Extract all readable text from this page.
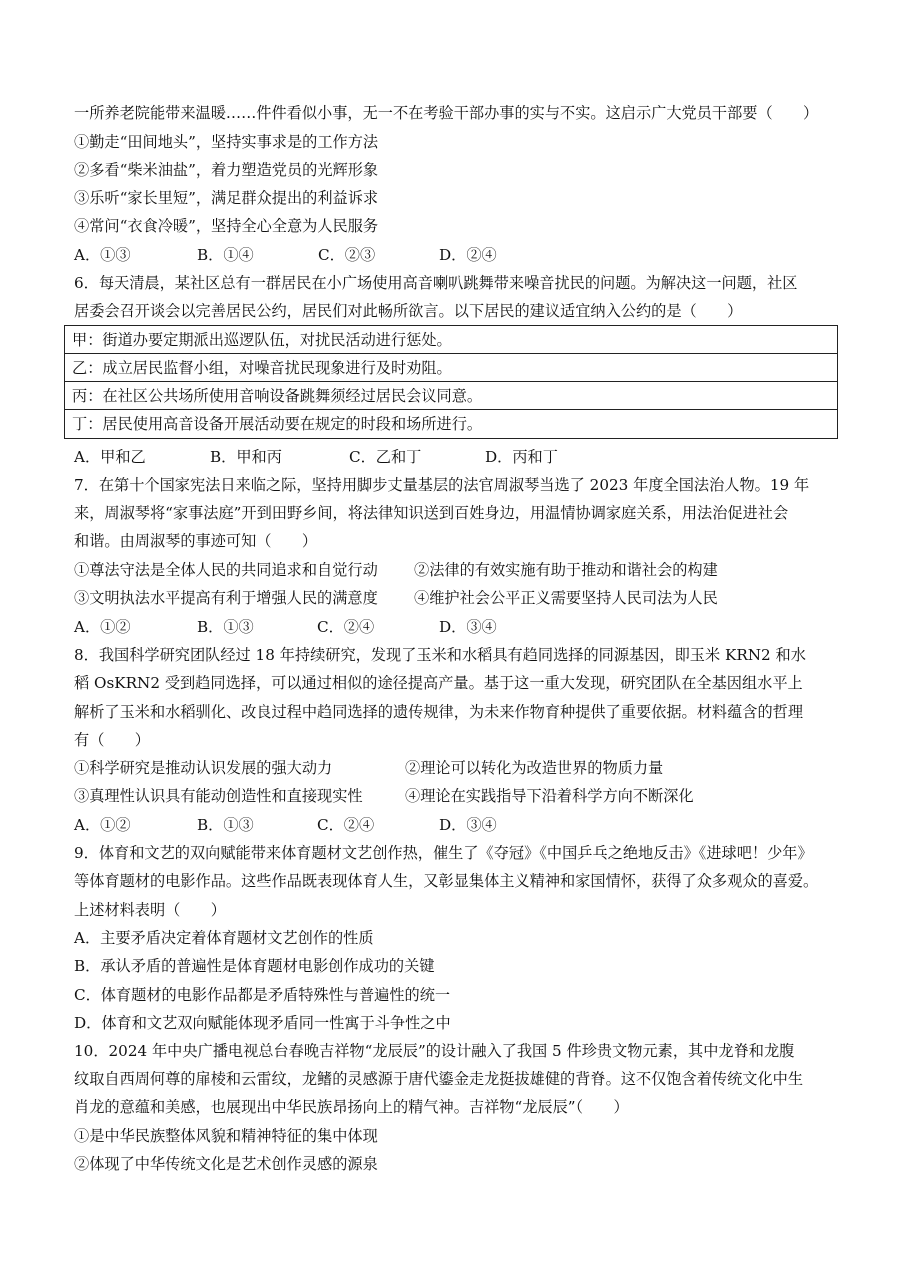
一所养老院能带来温暖……件件看似小事，无一不在考验干部办事的实与不实。这启示广大党员干部要（　　）
①勤走“田间地头”，坚持实事求是的工作方法
②多看“柴米油盐”，着力塑造党员的光辉形象
③乐听“家长里短”，满足群众提出的利益诉求
④常问“衣食冷暖”，坚持全心全意为人民服务
A．①③	B．①④	C．②③	D．②④
6．每天清晨，某社区总有一群居民在小广场使用高音喇叭跳舞带来噪音扰民的问题。为解决这一问题，社区
居委会召开谈会以完善居民公约，居民们对此畅所欲言。以下居民的建议适宜纳入公约的是（　　）
甲：街道办要定期派出巡逻队伍，对扰民活动进行惩处。
乙：成立居民监督小组，对噪音扰民现象进行及时劝阻。
丙：在社区公共场所使用音响设备跳舞须经过居民会议同意。
丁：居民使用高音设备开展活动要在规定的时段和场所进行。
A．甲和乙	B．甲和丙	C．乙和丁	D．丙和丁
7．在第十个国家宪法日来临之际，坚持用脚步丈量基层的法官周淑琴当选了 2023 年度全国法治人物。19 年
来，周淑琴将“家事法庭”开到田野乡间，将法律知识送到百姓身边，用温情协调家庭关系，用法治促进社会
和谐。由周淑琴的事迹可知（　　）
①尊法守法是全体人民的共同追求和自觉行动 ②法律的有效实施有助于推动和谐社会的构建
③文明执法水平提高有利于增强人民的满意度 ④维护社会公平正义需要坚持人民司法为人民
A．①②	B．①③	C．②④	D．③④
8．我国科学研究团队经过 18 年持续研究，发现了玉米和水稻具有趋同选择的同源基因，即玉米 KRN2 和水
稻 OsKRN2 受到趋同选择，可以通过相似的途径提高产量。基于这一重大发现，研究团队在全基因组水平上
解析了玉米和水稻驯化、改良过程中趋同选择的遗传规律，为未来作物育种提供了重要依据。材料蕴含的哲理
有（　　）
①科学研究是推动认识发展的强大动力	②理论可以转化为改造世界的物质力量
③真理性认识具有能动创造性和直接现实性	④理论在实践指导下沿着科学方向不断深化
A．①②	B．①③	C．②④	D．③④
9．体育和文艺的双向赋能带来体育题材文艺创作热，催生了《夺冠》《中国乒乓之绝地反击》《进球吧！少年》
等体育题材的电影作品。这些作品既表现体育人生，又彰显集体主义精神和家国情怀，获得了众多观众的喜爱。
上述材料表明（　　）
A．主要矛盾决定着体育题材文艺创作的性质
B．承认矛盾的普遍性是体育题材电影创作成功的关键
C．体育题材的电影作品都是矛盾特殊性与普遍性的统一
D．体育和文艺双向赋能体现矛盾同一性寓于斗争性之中
10．2024 年中央广播电视总台春晚吉祥物“龙辰辰”的设计融入了我国 5 件珍贵文物元素，其中龙脊和龙腹
纹取自西周何尊的扉棱和云雷纹，龙鳍的灵感源于唐代鎏金走龙挺拔雄健的背脊。这不仅饱含着传统文化中生
肖龙的意蕴和美感，也展现出中华民族昂扬向上的精气神。吉祥物“龙辰辰”（　　）
①是中华民族整体风貌和精神特征的集中体现
②体现了中华传统文化是艺术创作灵感的源泉
